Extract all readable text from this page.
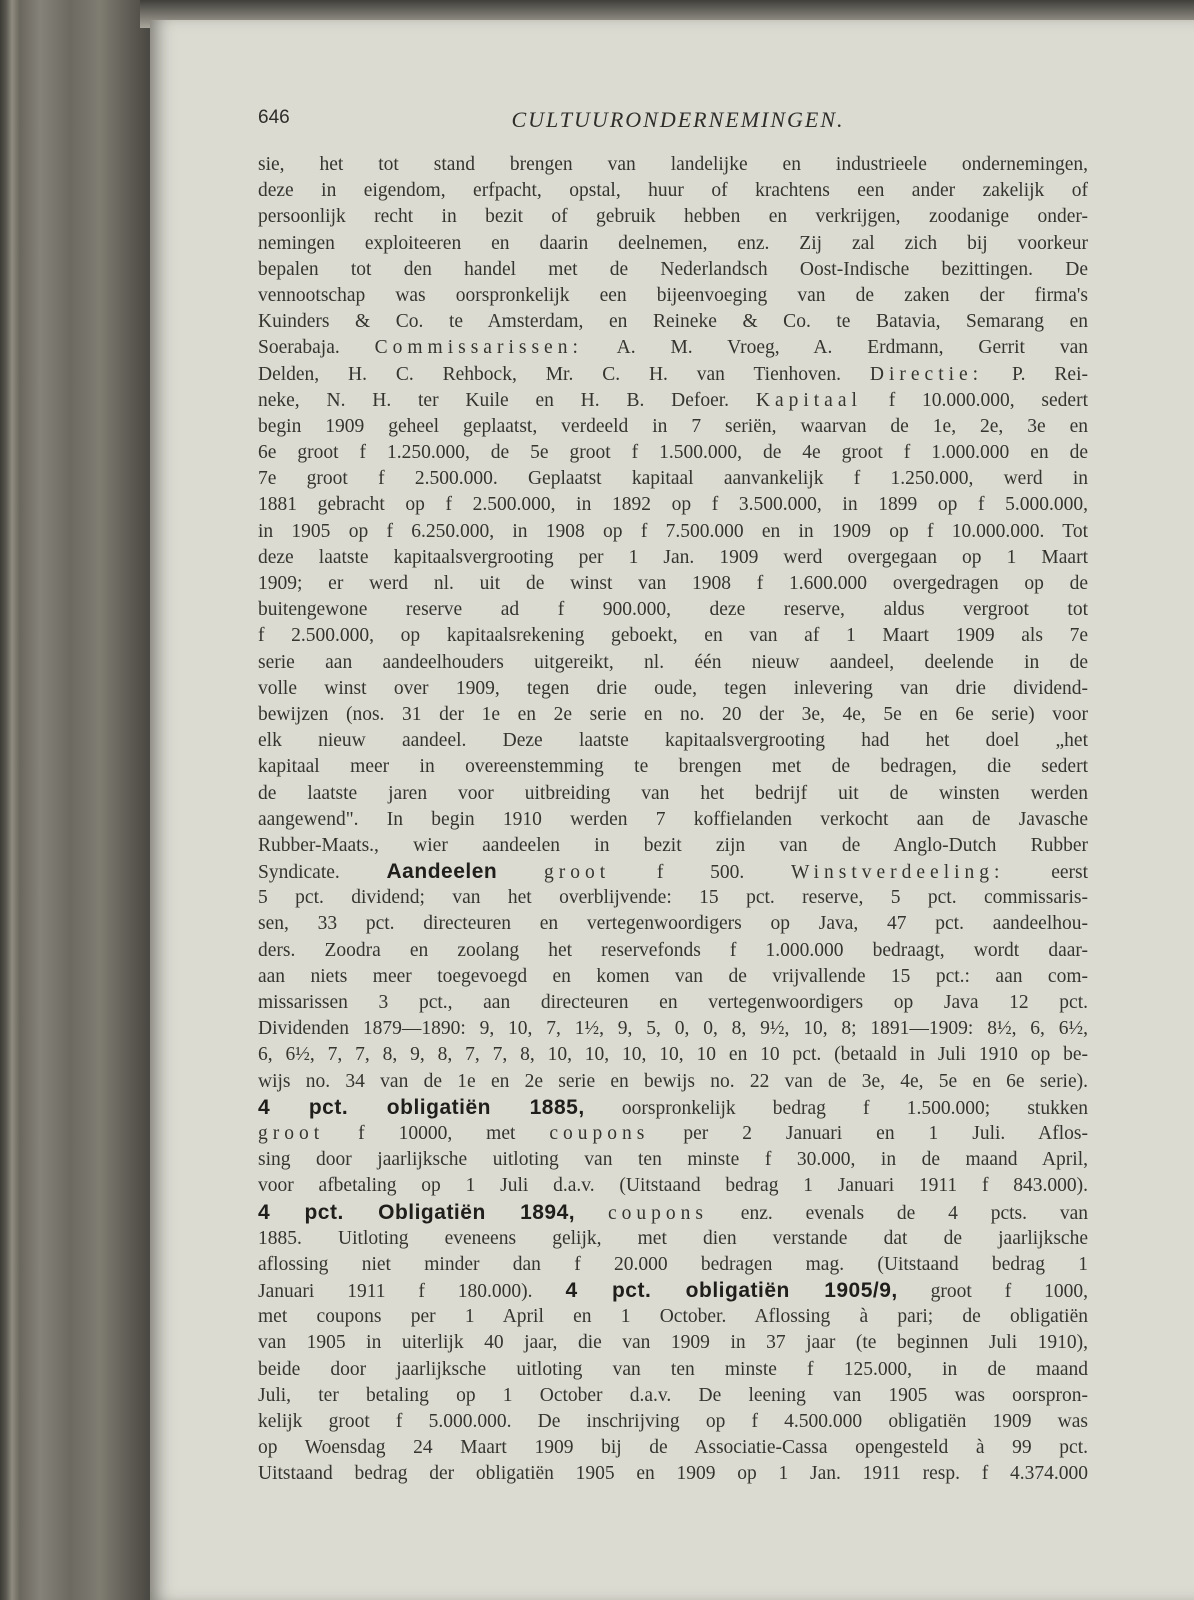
646	CULTUURONDERNEMINGEN.
sie, het tot stand brengen van landelijke en industrieele ondernemingen,
deze in eigendom, erfpacht, opstal, huur of krachtens een ander zakelijk of
persoonlijk recht in bezit of gebruik hebben en verkrijgen, zoodanige onder-
nemingen exploiteeren en daarin deelnemen, enz. Zij zal zich bij voorkeur
bepalen tot den handel met de Nederlandsch Oost-Indische bezittingen. De
vennootschap was oorspronkelijk een bijeenvoeging van de zaken der firma's
Kuinders & Co. te Amsterdam, en Reineke & Co. te Batavia, Semarang en
Soerabaja. Commissarissen: A. M. Vroeg, A. Erdmann, Gerrit van
Delden, H. C. Rehbock, Mr. C. H. van Tienhoven. Directie: P. Rei-
neke, N. H. ter Kuile en H. B. Defoer. Kapitaal f 10.000.000, sedert
begin 1909 geheel geplaatst, verdeeld in 7 seriën, waarvan de 1e, 2e, 3e en
6e groot f 1.250.000, de 5e groot f 1.500.000, de 4e groot f 1.000.000 en de
7e groot f 2.500.000. Geplaatst kapitaal aanvankelijk f 1.250.000, werd in
1881 gebracht op f 2.500.000, in 1892 op f 3.500.000, in 1899 op f 5.000.000,
in 1905 op f 6.250.000, in 1908 op f 7.500.000 en in 1909 op f 10.000.000. Tot
deze laatste kapitaalsvergrooting per 1 Jan. 1909 werd overgegaan op 1 Maart
1909; er werd nl. uit de winst van 1908 f 1.600.000 overgedragen op de
buitengewone reserve ad f 900.000, deze reserve, aldus vergroot tot
f 2.500.000, op kapitaalsrekening geboekt, en van af 1 Maart 1909 als 7e
serie aan aandeelhouders uitgereikt, nl. één nieuw aandeel, deelende in de
volle winst over 1909, tegen drie oude, tegen inlevering van drie dividend-
bewijzen (nos. 31 der 1e en 2e serie en no. 20 der 3e, 4e, 5e en 6e serie) voor
elk nieuw aandeel. Deze laatste kapitaalsvergrooting had het doel „het
kapitaal meer in overeenstemming te brengen met de bedragen, die sedert
de laatste jaren voor uitbreiding van het bedrijf uit de winsten werden
aangewend". In begin 1910 werden 7 koffielanden verkocht aan de Javasche
Rubber-Maats., wier aandeelen in bezit zijn van de Anglo-Dutch Rubber
Syndicate. Aandeelen groot f 500. Winstverdeeling: eerst
5 pct. dividend; van het overblijvende: 15 pct. reserve, 5 pct. commissaris-
sen, 33 pct. directeuren en vertegenwoordigers op Java, 47 pct. aandeelhou-
ders. Zoodra en zoolang het reservefonds f 1.000.000 bedraagt, wordt daar-
aan niets meer toegevoegd en komen van de vrijvallende 15 pct.: aan com-
missarissen 3 pct., aan directeuren en vertegenwoordigers op Java 12 pct.
Dividenden 1879—1890: 9, 10, 7, 1½, 9, 5, 0, 0, 8, 9½, 10, 8; 1891—1909: 8½, 6, 6½,
6, 6½, 7, 7, 8, 9, 8, 7, 7, 8, 10, 10, 10, 10, 10 en 10 pct. (betaald in Juli 1910 op be-
wijs no. 34 van de 1e en 2e serie en bewijs no. 22 van de 3e, 4e, 5e en 6e serie).
4 pct. obligatiën 1885, oorspronkelijk bedrag f 1.500.000; stukken
groot f 10000, met coupons per 2 Januari en 1 Juli. Aflos-
sing door jaarlijksche uitloting van ten minste f 30.000, in de maand April,
voor afbetaling op 1 Juli d.a.v. (Uitstaand bedrag 1 Januari 1911 f 843.000).
4 pct. Obligatiën 1894, coupons enz. evenals de 4 pcts. van
1885. Uitloting eveneens gelijk, met dien verstande dat de jaarlijksche
aflossing niet minder dan f 20.000 bedragen mag. (Uitstaand bedrag 1
Januari 1911 f 180.000). 4 pct. obligatiën 1905/9, groot f 1000,
met coupons per 1 April en 1 October. Aflossing à pari; de obligatiën
van 1905 in uiterlijk 40 jaar, die van 1909 in 37 jaar (te beginnen Juli 1910),
beide door jaarlijksche uitloting van ten minste f 125.000, in de maand
Juli, ter betaling op 1 October d.a.v. De leening van 1905 was oorspron-
kelijk groot f 5.000.000. De inschrijving op f 4.500.000 obligatiën 1909 was
op Woensdag 24 Maart 1909 bij de Associatie-Cassa opengesteld à 99 pct.
Uitstaand bedrag der obligatiën 1905 en 1909 op 1 Jan. 1911 resp. f 4.374.000
